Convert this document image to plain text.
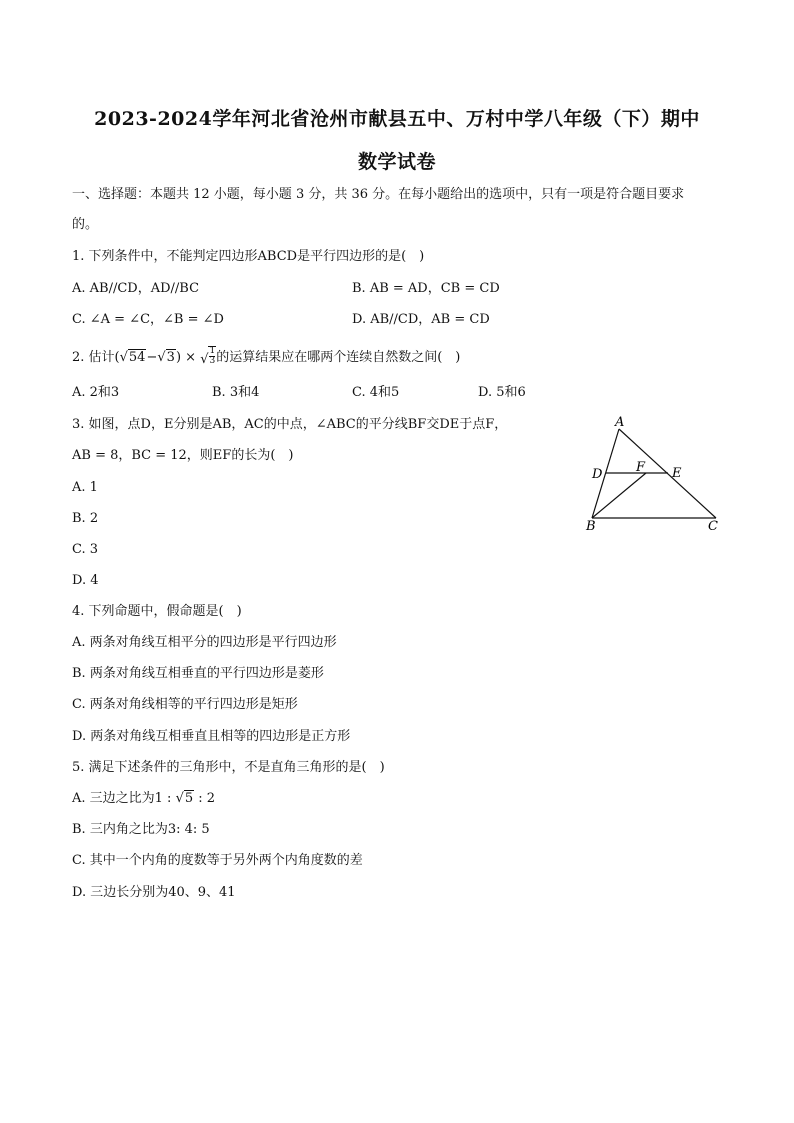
2023-2024学年河北省沧州市献县五中、万村中学八年级（下）期中
数学试卷
一、选择题：本题共 12 小题，每小题 3 分，共 36 分。在每小题给出的选项中，只有一项是符合题目要求
的。
1. 下列条件中，不能判定四边形ABCD是平行四边形的是(　)
A. AB//CD，AD//BC	B. AB = AD，CB = CD
C. ∠A = ∠C，∠B = ∠D	D. AB//CD，AB = CD
2. 估计(√54−√3) × √ $\frac{1}{3}$ 的运算结果应在哪两个连续自然数之间(　)
A. 2和3	B. 3和4	C. 4和5	D. 5和6
3. 如图，点D，E分别是AB，AC的中点，∠ABC的平分线BF交DE于点F，
AB = 8，BC = 12，则EF的长为(　)
A. 1
B. 2
C. 3
D. 4
A
D	F E
B	C
4. 下列命题中，假命题是(　)
A. 两条对角线互相平分的四边形是平行四边形
B. 两条对角线互相垂直的平行四边形是菱形
C. 两条对角线相等的平行四边形是矩形
D. 两条对角线互相垂直且相等的四边形是正方形
5. 满足下述条件的三角形中，不是直角三角形的是(　)
A. 三边之比为1 : √5 : 2
B. 三内角之比为3: 4: 5
C. 其中一个内角的度数等于另外两个内角度数的差
D. 三边长分别为40、9、41
